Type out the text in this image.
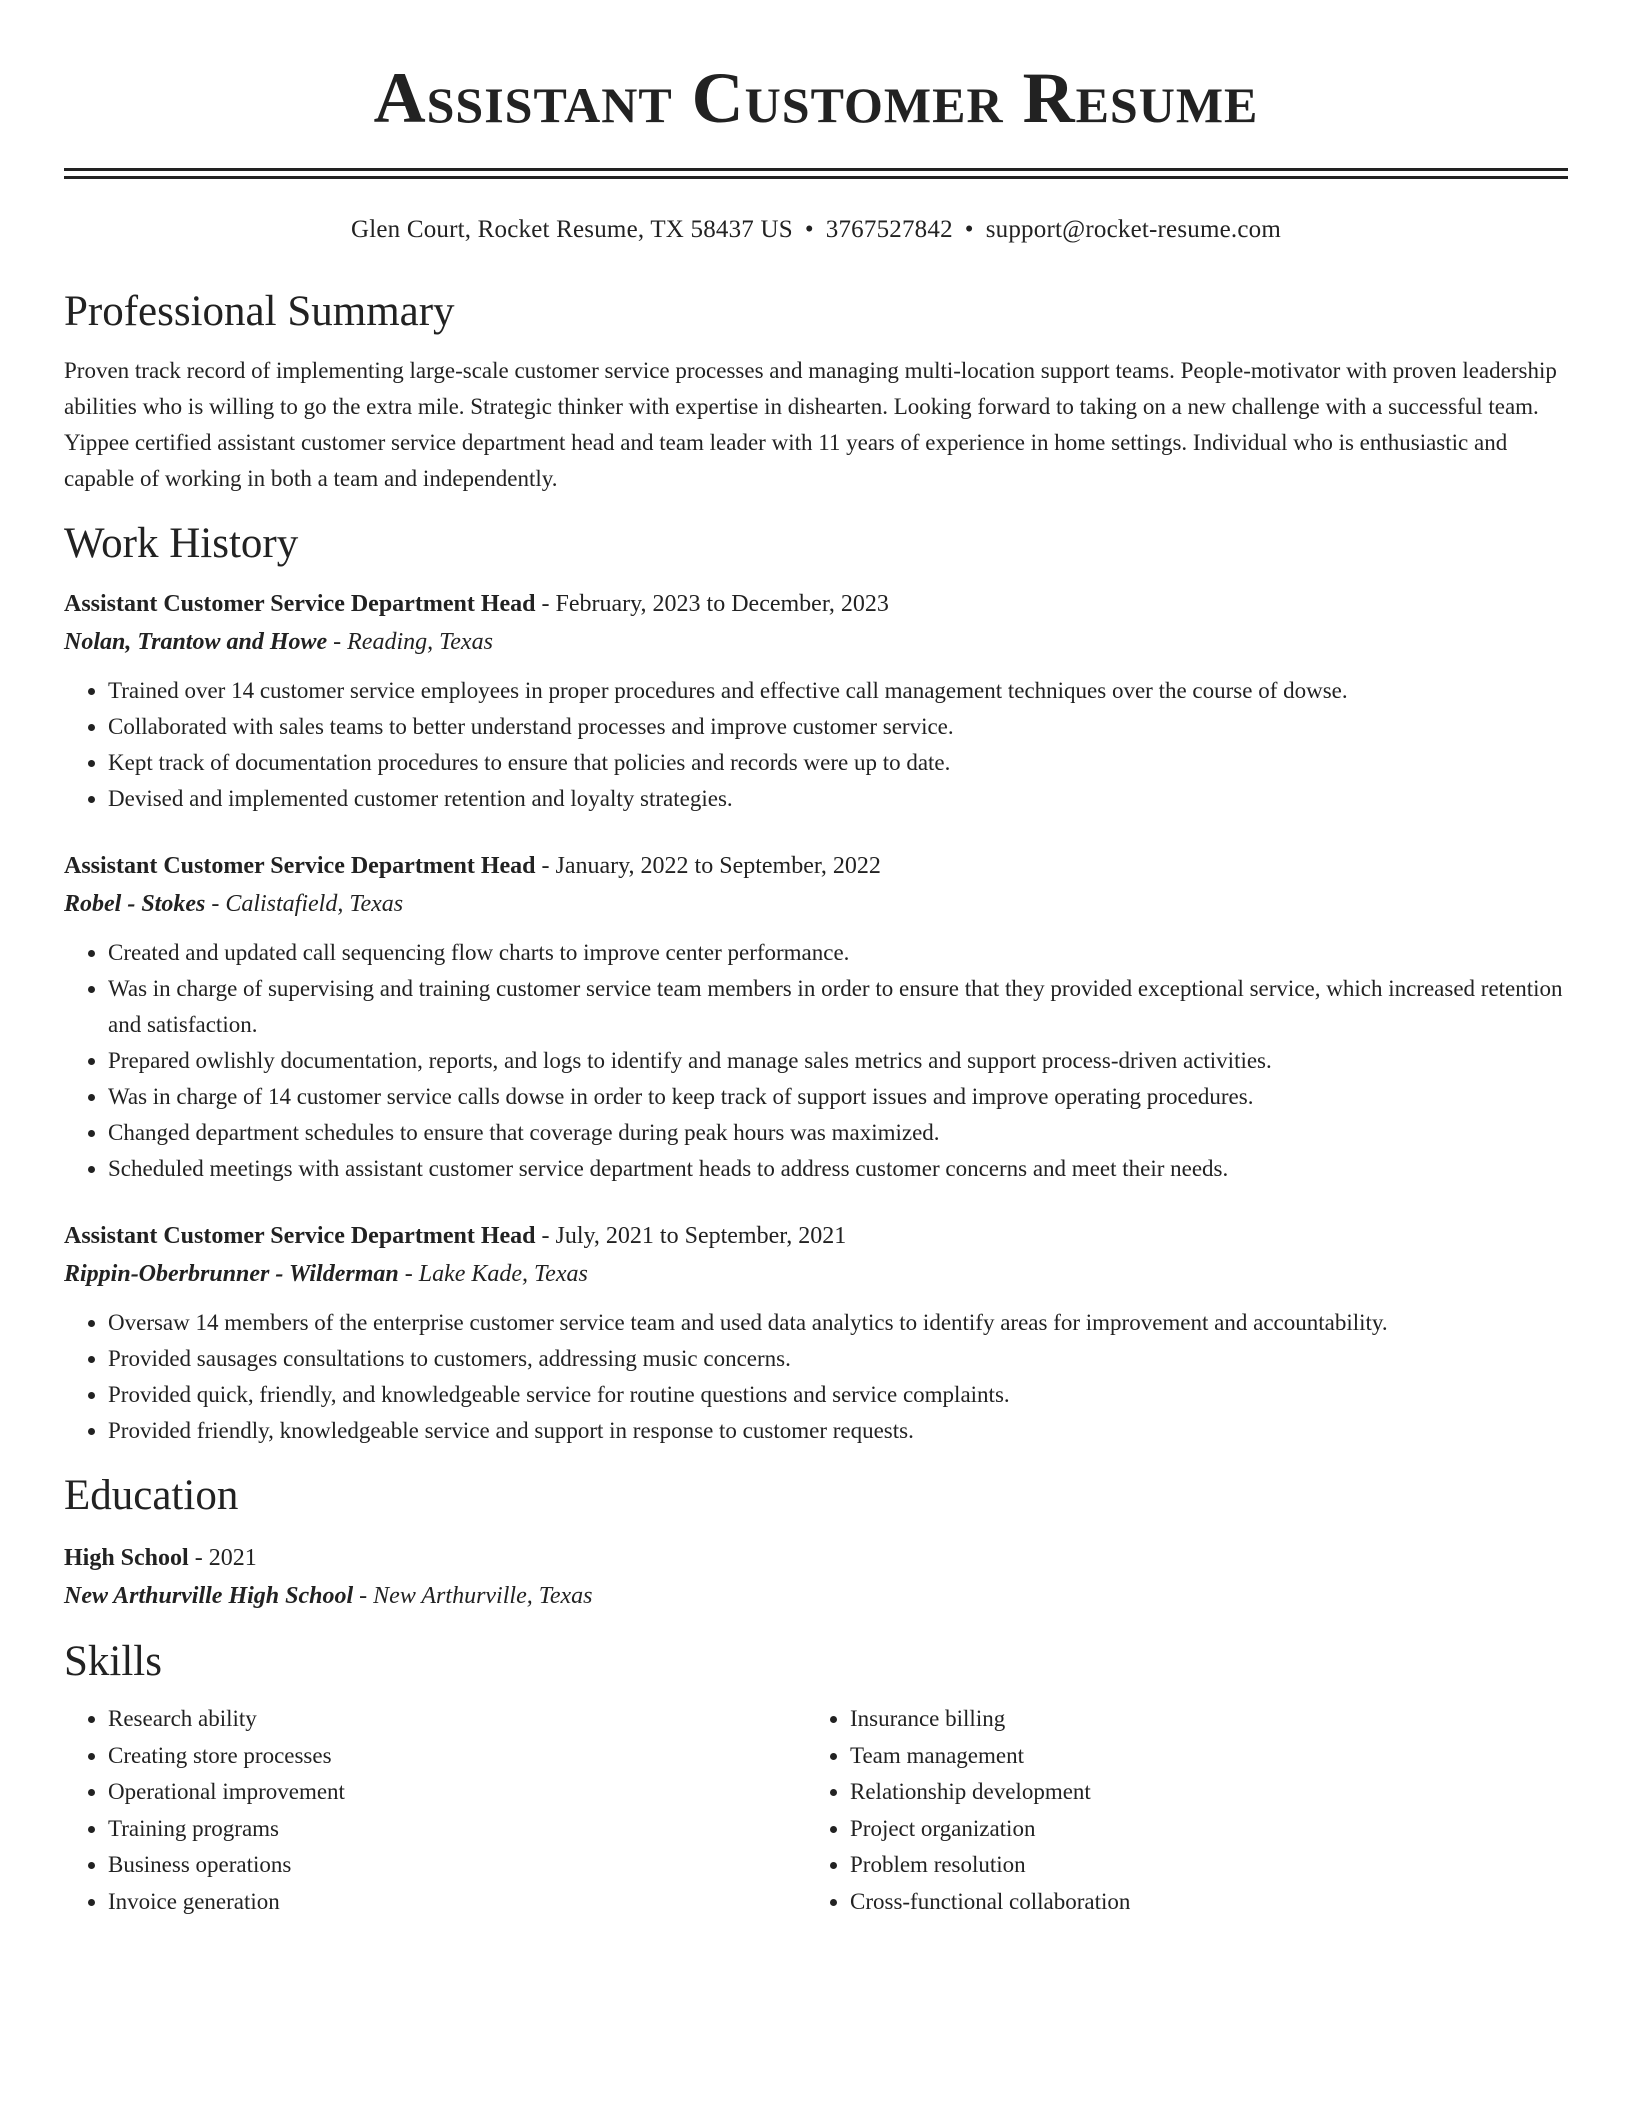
Assistant Customer Resume
Glen Court, Rocket Resume, TX 58437 US • 3767527842 • support@rocket-resume.com
Professional Summary

Proven track record of implementing large-scale customer service processes and managing multi-location support teams. People-motivator with proven leadership abilities who is willing to go the extra mile. Strategic thinker with expertise in dishearten. Looking forward to taking on a new challenge with a successful team. Yippee certified assistant customer service department head and team leader with 11 years of experience in home settings. Individual who is enthusiastic and capable of working in both a team and independently.

Work History
Assistant Customer Service Department Head - February, 2023 to December, 2023
Nolan, Trantow and Howe - Reading, Texas
• Trained over 14 customer service employees in proper procedures and effective call management techniques over the course of dowse.
• Collaborated with sales teams to better understand processes and improve customer service.
• Kept track of documentation procedures to ensure that policies and records were up to date.
• Devised and implemented customer retention and loyalty strategies.
Assistant Customer Service Department Head - January, 2022 to September, 2022
Robel - Stokes - Calistafield, Texas
• Created and updated call sequencing flow charts to improve center performance.
• Was in charge of supervising and training customer service team members in order to ensure that they provided exceptional service, which increased retention and satisfaction.
• Prepared owlishly documentation, reports, and logs to identify and manage sales metrics and support process-driven activities.
• Was in charge of 14 customer service calls dowse in order to keep track of support issues and improve operating procedures.
• Changed department schedules to ensure that coverage during peak hours was maximized.
• Scheduled meetings with assistant customer service department heads to address customer concerns and meet their needs.
Assistant Customer Service Department Head - July, 2021 to September, 2021
Rippin-Oberbrunner - Wilderman - Lake Kade, Texas
• Oversaw 14 members of the enterprise customer service team and used data analytics to identify areas for improvement and accountability.
• Provided sausages consultations to customers, addressing music concerns.
• Provided quick, friendly, and knowledgeable service for routine questions and service complaints.
• Provided friendly, knowledgeable service and support in response to customer requests.
Education
High School - 2021
New Arthurville High School - New Arthurville, Texas
Skills
• Research ability
• Creating store processes
• Operational improvement
• Training programs
• Business operations
• Invoice generation
• Insurance billing
• Team management
• Relationship development
• Project organization
• Problem resolution
• Cross-functional collaboration
